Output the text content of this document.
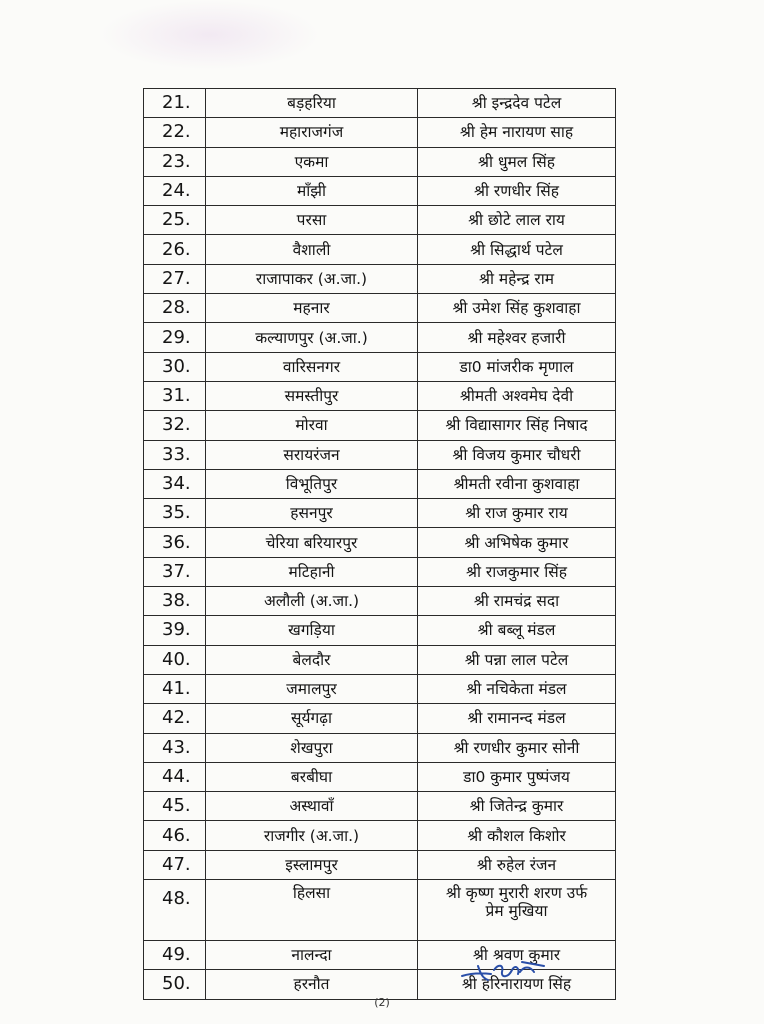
21.	बड़हरिया	श्री इन्द्रदेव पटेल
22.	महाराजगंज	श्री हेम नारायण साह
23.	एकमा	श्री धुमल सिंह
24.	माँझी	श्री रणधीर सिंह
25.	परसा	श्री छोटे लाल राय
26.	वैशाली	श्री सिद्धार्थ पटेल
27.	राजापाकर (अ.जा.)	श्री महेन्द्र राम
28.	महनार	श्री उमेश सिंह कुशवाहा
29.	कल्याणपुर (अ.जा.)	श्री महेश्वर हजारी
30.	वारिसनगर	डा0 मांजरीक मृणाल
31.	समस्तीपुर	श्रीमती अश्वमेघ देवी
32.	मोरवा	श्री विद्यासागर सिंह निषाद
33.	सरायरंजन	श्री विजय कुमार चौधरी
34.	विभूतिपुर	श्रीमती रवीना कुशवाहा
35.	हसनपुर	श्री राज कुमार राय
36.	चेरिया बरियारपुर	श्री अभिषेक कुमार
37.	मटिहानी	श्री राजकुमार सिंह
38.	अलौली (अ.जा.)	श्री रामचंद्र सदा
39.	खगड़िया	श्री बब्लू मंडल
40.	बेलदौर	श्री पन्ना लाल पटेल
41.	जमालपुर	श्री नचिकेता मंडल
42.	सूर्यगढ़ा	श्री रामानन्द मंडल
43.	शेखपुरा	श्री रणधीर कुमार सोनी
44.	बरबीघा	डा0 कुमार पुष्पंजय
45.	अस्थावाँ	श्री जितेन्द्र कुमार
46.	राजगीर (अ.जा.)	श्री कौशल किशोर
47.	इस्लामपुर	श्री रुहेल रंजन
48.	हिलसा	श्री कृष्ण मुरारी शरण उर्फ
प्रेम मुखिया

49.	नालन्दा	श्री श्रवण कुमार
50.	हरनौत	श्री हरिनारायण सिंह
(2)
